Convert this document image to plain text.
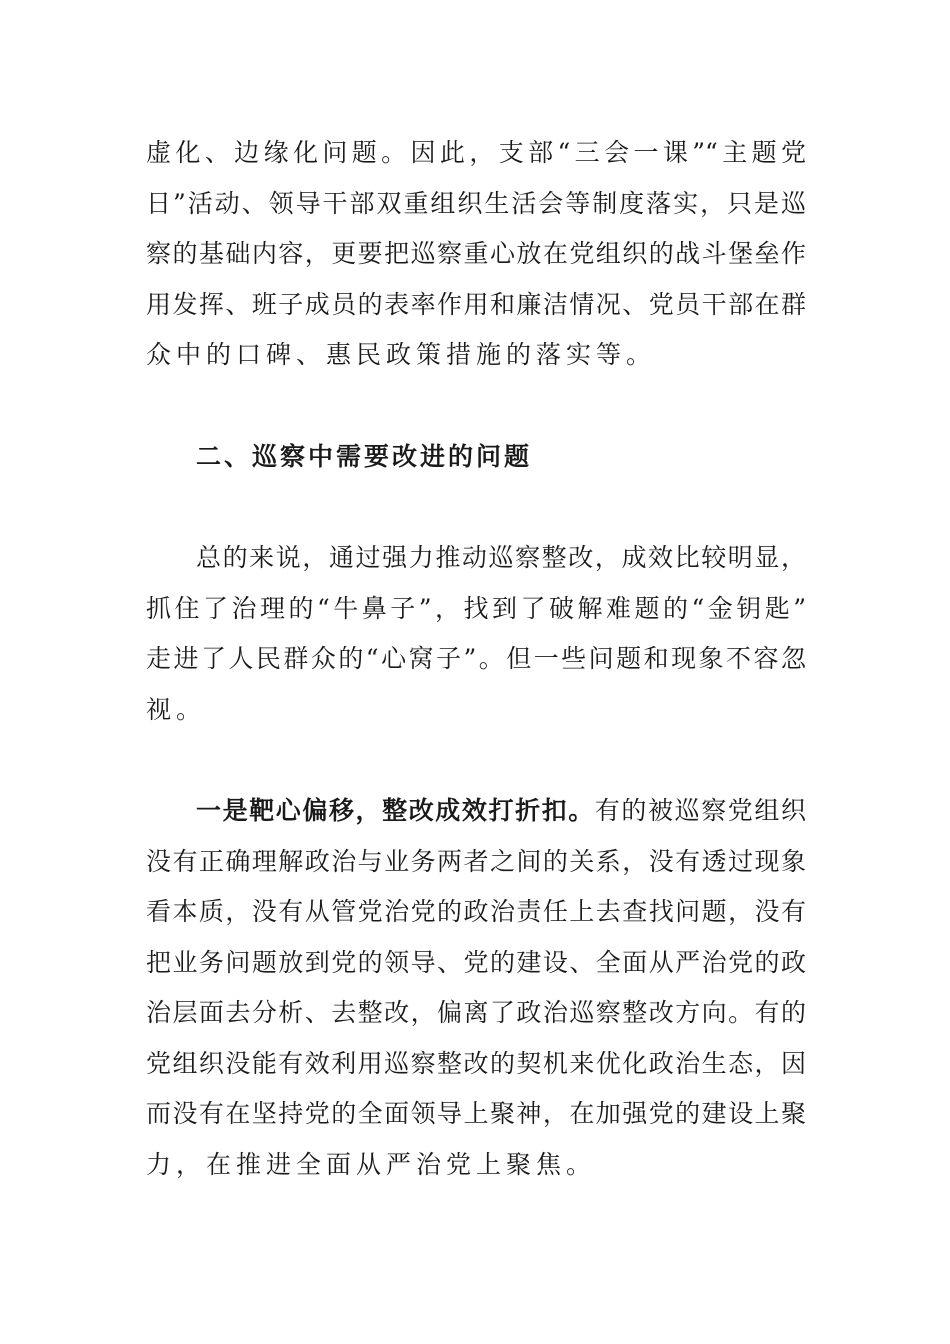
虚化、边缘化问题。因此，支部“三会一课”“主题党
日”活动、领导干部双重组织生活会等制度落实，只是巡
察的基础内容，更要把巡察重心放在党组织的战斗堡垒作
用发挥、班子成员的表率作用和廉洁情况、党员干部在群
众中的口碑、惠民政策措施的落实等。
二、巡察中需要改进的问题
总的来说，通过强力推动巡察整改，成效比较明显，
抓住了治理的“牛鼻子”，找到了破解难题的“金钥匙”
走进了人民群众的“心窝子”。但一些问题和现象不容忽
视。
一是靶心偏移，整改成效打折扣。有的被巡察党组织
没有正确理解政治与业务两者之间的关系，没有透过现象
看本质，没有从管党治党的政治责任上去查找问题，没有
把业务问题放到党的领导、党的建设、全面从严治党的政
治层面去分析、去整改，偏离了政治巡察整改方向。有的
党组织没能有效利用巡察整改的契机来优化政治生态，因
而没有在坚持党的全面领导上聚神，在加强党的建设上聚
力，在推进全面从严治党上聚焦。
